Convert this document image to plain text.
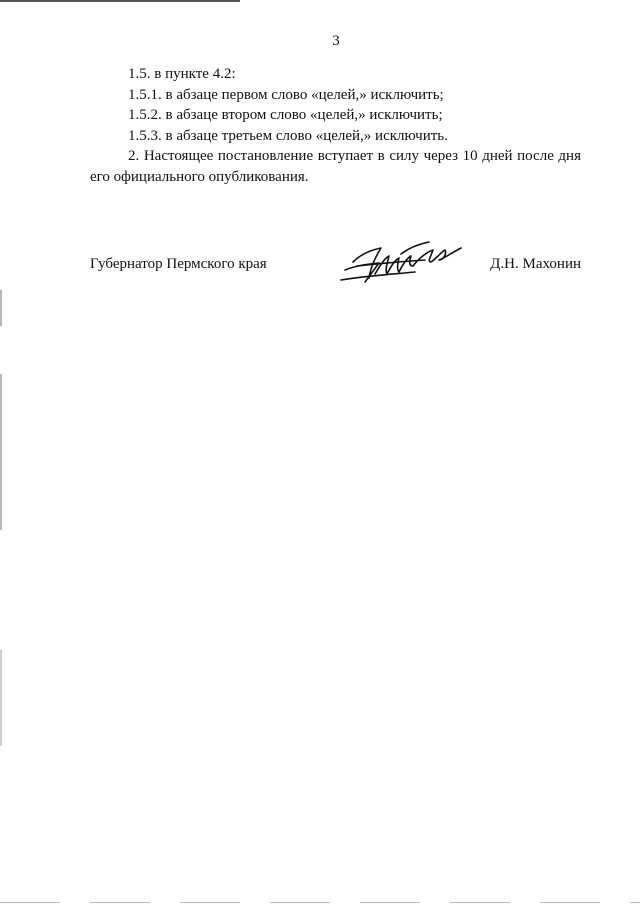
3

1.5. в пункте 4.2:

1.5.1. в абзаце первом слово «целей,» исключить;

1.5.2. в абзаце втором слово «целей,» исключить;

1.5.3. в абзаце третьем слово «целей,» исключить.

2. Настоящее постановление вступает в силу через 10 дней после дня его официального опубликования.

Губернатор Пермского края	Д.Н. Махонин
